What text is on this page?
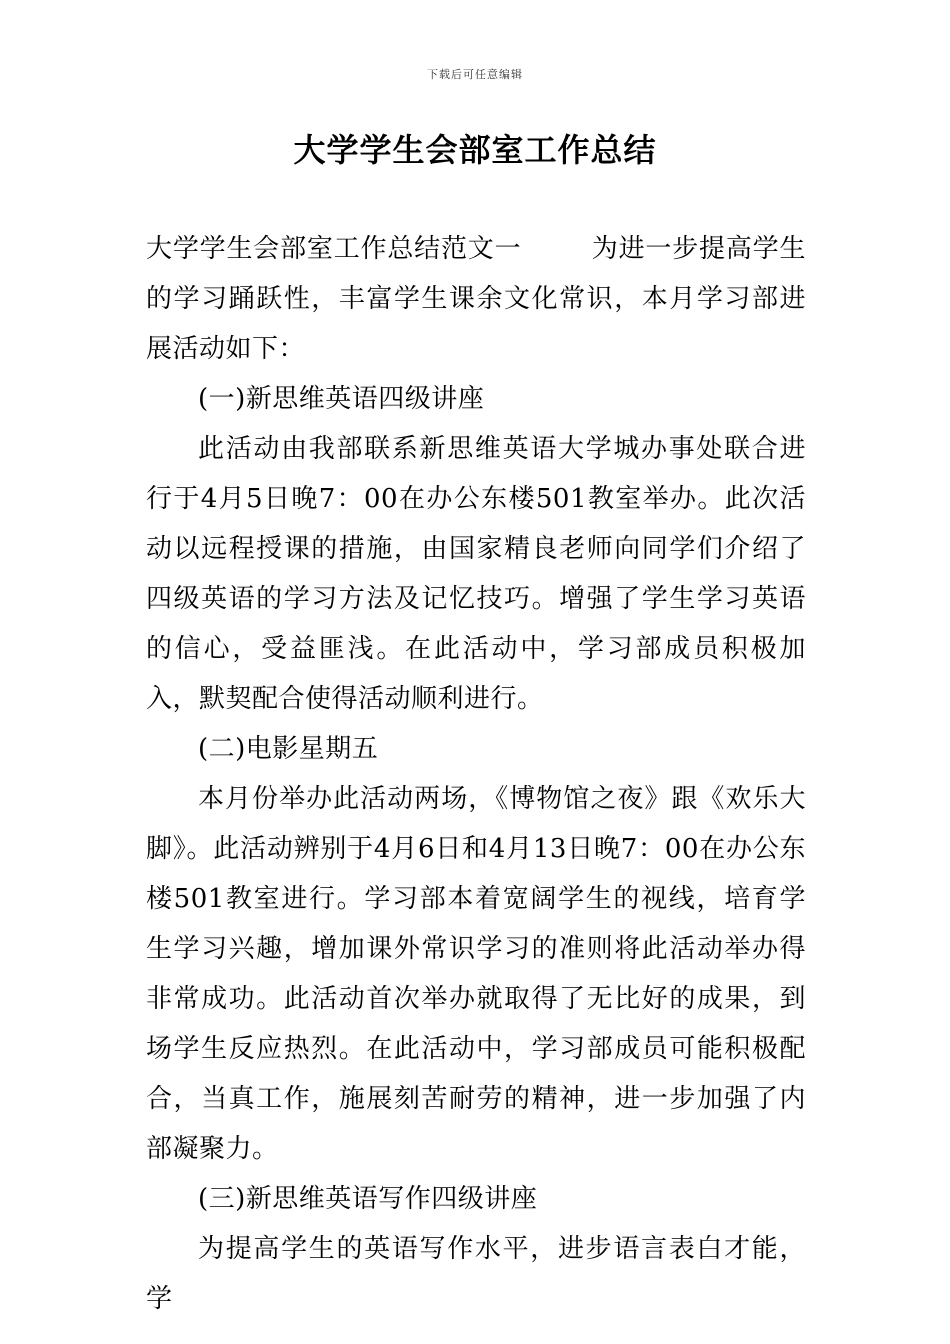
下载后可任意编辑
大学学生会部室工作总结

大学学生会部室工作总结范文一	为进一步提高学生的学习踊跃性，丰富学生课余文化常识，本月学习部进展活动如下：

(一)新思维英语四级讲座

此活动由我部联系新思维英语大学城办事处联合进行于4月5日晚7：00在办公东楼501教室举办。此次活动以远程授课的措施，由国家精良老师向同学们介绍了四级英语的学习方法及记忆技巧。增强了学生学习英语的信心，受益匪浅。在此活动中，学习部成员积极加入，默契配合使得活动顺利进行。

(二)电影星期五

本月份举办此活动两场，《博物馆之夜》跟《欢乐大脚》。此活动辨别于4月6日和4月13日晚7：00在办公东楼501教室进行。学习部本着宽阔学生的视线，培育学生学习兴趣，增加课外常识学习的准则将此活动举办得非常成功。此活动首次举办就取得了无比好的成果，到场学生反应热烈。在此活动中，学习部成员可能积极配合，当真工作，施展刻苦耐劳的精神，进一步加强了内部凝聚力。

(三)新思维英语写作四级讲座

为提高学生的英语写作水平，进步语言表白才能，学
